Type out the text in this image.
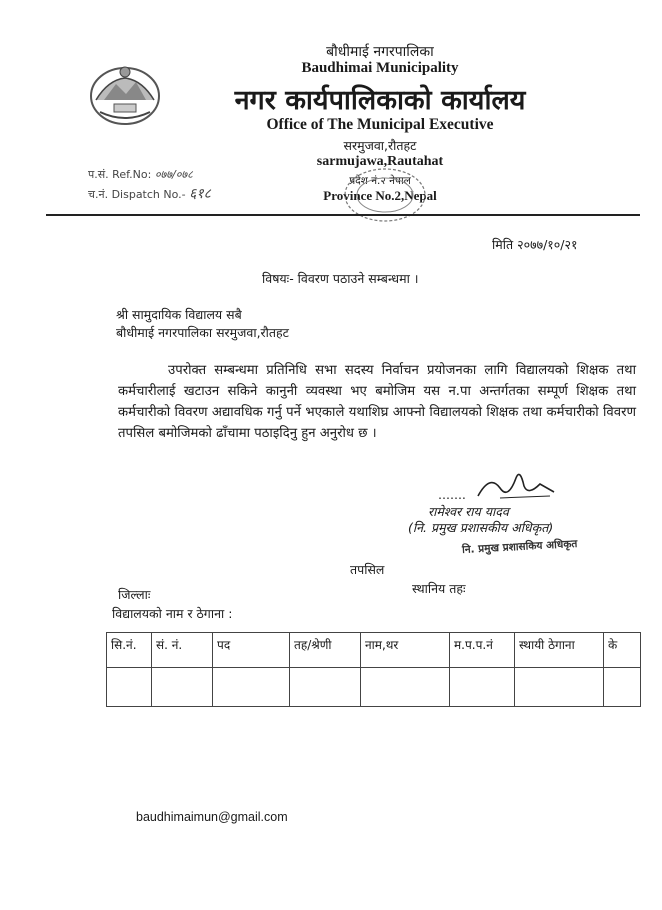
बौधीमाई नगरपालिका
Baudhimai Municipality
नगर कार्यपालिकाको कार्यालय
Office of The Municipal Executive
सरमुजवा,रौतहट
sarmujawa,Rautahat
प्रदेश नं.२ नेपाल
Province No.2,Nepal
प.सं. Ref.No: ०७७/०७८
च.नं. Dispatch No.- ६१८
मिति २०७७/१०/२१
विषयः- विवरण पठाउने सम्बन्धमा ।
श्री सामुदायिक विद्यालय सबै
बौधीमाई नगरपालिका सरमुजवा,रौतहट
उपरोक्त सम्बन्धमा प्रतिनिधि सभा सदस्य निर्वाचन प्रयोजनका लागि विद्यालयको शिक्षक तथा कर्मचारीलाई खटाउन सकिने कानुनी व्यवस्था भए बमोजिम यस न.पा अन्तर्गतका सम्पूर्ण शिक्षक तथा कर्मचारीको विवरण अद्यावधिक गर्नु पर्ने भएकाले यथाशिघ्र आफ्नो विद्यालयको शिक्षक तथा कर्मचारीको विवरण तपसिल बमोजिमको ढाँचामा पठाइदिनु हुन अनुरोध छ ।
…….
रामेश्वर राय यादव
(नि. प्रमुख प्रशासकीय अधिकृत)
नि. प्रमुख प्रशासकिय अधिकृत
तपसिल
स्थानिय तहः
जिल्लाः
विद्यालयको नाम र ठेगाना :
सि.नं.	सं. नं.	पद	तह/श्रेणी	नाम,थर	म.प.प.नं	स्थायी ठेगाना	के

baudhimaimun@gmail.com
